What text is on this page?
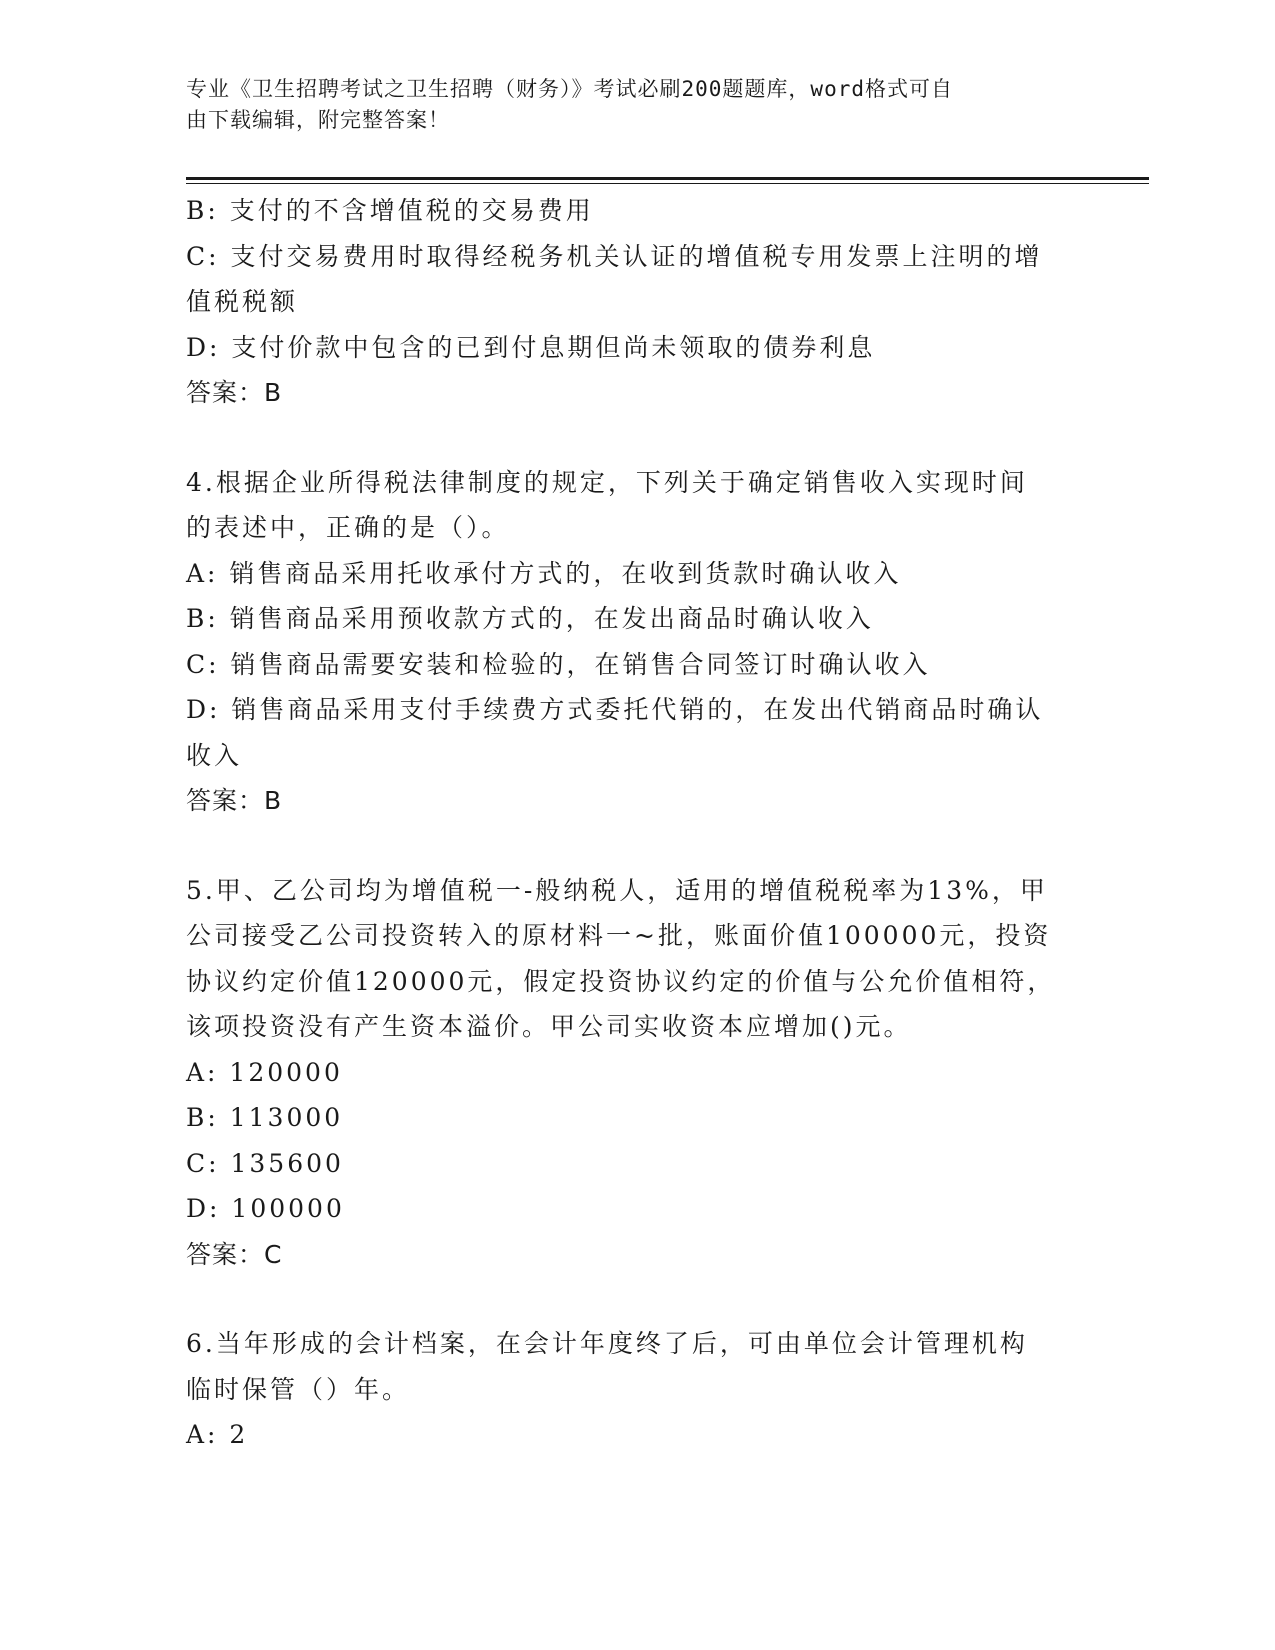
专业《卫生招聘考试之卫生招聘（财务）》考试必刷200题题库，word格式可自
由下载编辑，附完整答案！
B: 支付的不含增值税的交易费用
C: 支付交易费用时取得经税务机关认证的增值税专用发票上注明的增
值税税额
D: 支付价款中包含的已到付息期但尚未领取的债券利息
答案：B
4.根据企业所得税法律制度的规定，下列关于确定销售收入实现时间
的表述中，正确的是（）。
A: 销售商品采用托收承付方式的，在收到货款时确认收入
B: 销售商品采用预收款方式的，在发出商品时确认收入
C: 销售商品需要安装和检验的，在销售合同签订时确认收入
D: 销售商品采用支付手续费方式委托代销的，在发出代销商品时确认
收入
答案：B
5.甲、乙公司均为增值税一-般纳税人，适用的增值税税率为13%，甲
公司接受乙公司投资转入的原材料一~批，账面价值100000元，投资
协议约定价值120000元，假定投资协议约定的价值与公允价值相符，
该项投资没有产生资本溢价。甲公司实收资本应增加()元。
A: 120000
B: 113000
C: 135600
D: 100000
答案：C
6.当年形成的会计档案，在会计年度终了后，可由单位会计管理机构
临时保管（）年。
A: 2
